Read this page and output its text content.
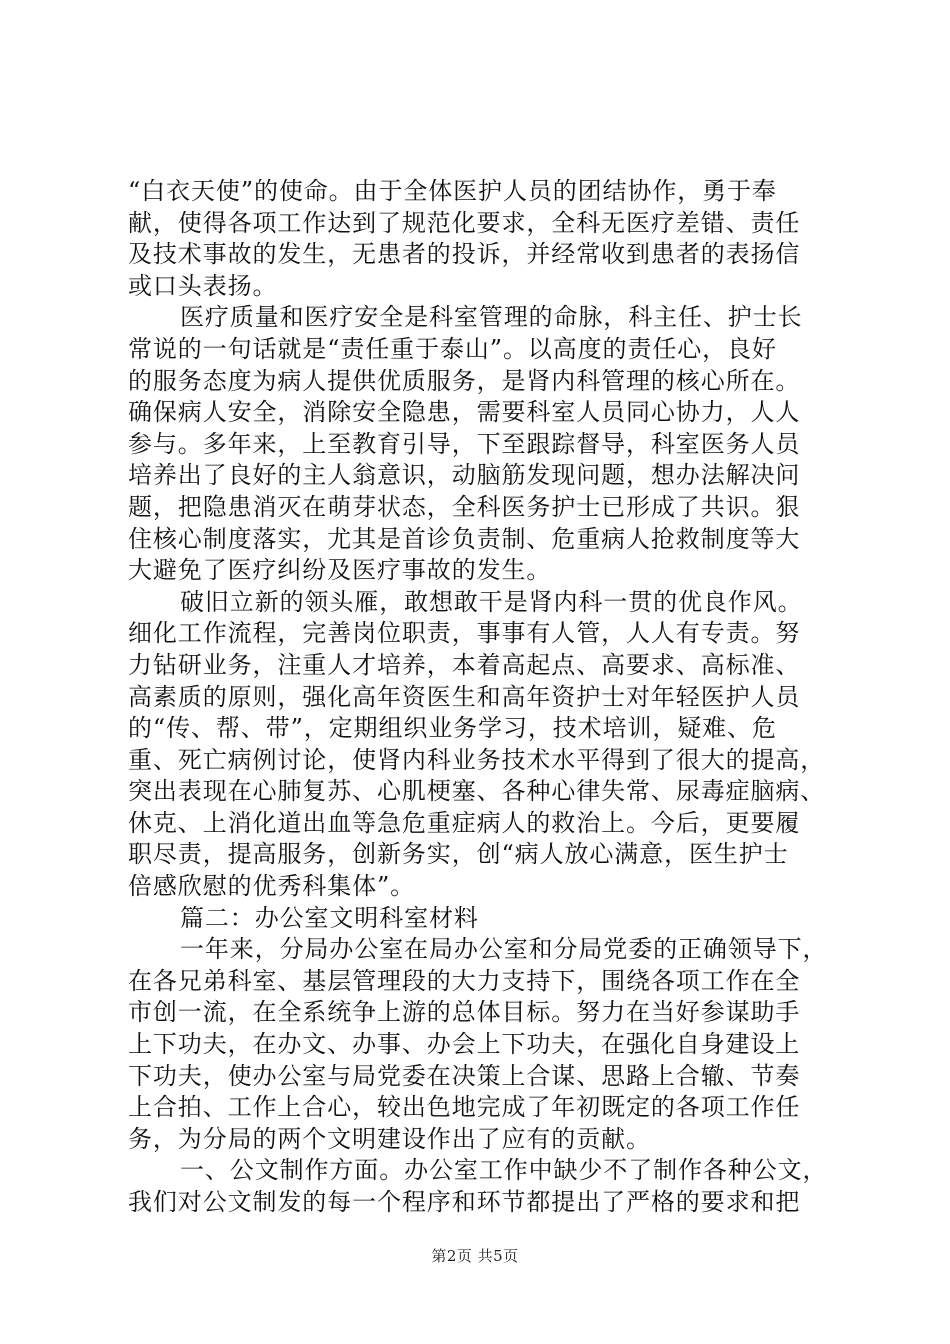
“白衣天使”的使命。由于全体医护人员的团结协作，勇于奉
献，使得各项工作达到了规范化要求，全科无医疗差错、责任
及技术事故的发生，无患者的投诉，并经常收到患者的表扬信
或口头表扬。
医疗质量和医疗安全是科室管理的命脉，科主任、护士长
常说的一句话就是“责任重于泰山”。以高度的责任心，良好
的服务态度为病人提供优质服务，是肾内科管理的核心所在。
确保病人安全，消除安全隐患，需要科室人员同心协力，人人
参与。多年来，上至教育引导，下至跟踪督导，科室医务人员
培养出了良好的主人翁意识，动脑筋发现问题，想办法解决问
题，把隐患消灭在萌芽状态，全科医务护士已形成了共识。狠
住核心制度落实，尤其是首诊负责制、危重病人抢救制度等大
大避免了医疗纠纷及医疗事故的发生。
破旧立新的领头雁，敢想敢干是肾内科一贯的优良作风。
细化工作流程，完善岗位职责，事事有人管，人人有专责。努
力钻研业务，注重人才培养，本着高起点、高要求、高标准、
高素质的原则，强化高年资医生和高年资护士对年轻医护人员
的“传、帮、带”，定期组织业务学习，技术培训，疑难、危
重、死亡病例讨论，使肾内科业务技术水平得到了很大的提高，
突出表现在心肺复苏、心肌梗塞、各种心律失常、尿毒症脑病、
休克、上消化道出血等急危重症病人的救治上。今后，更要履
职尽责，提高服务，创新务实，创“病人放心满意，医生护士
倍感欣慰的优秀科集体”。
篇二：办公室文明科室材料
一年来，分局办公室在局办公室和分局党委的正确领导下，
在各兄弟科室、基层管理段的大力支持下，围绕各项工作在全
市创一流，在全系统争上游的总体目标。努力在当好参谋助手
上下功夫，在办文、办事、办会上下功夫，在强化自身建设上
下功夫，使办公室与局党委在决策上合谋、思路上合辙、节奏
上合拍、工作上合心，较出色地完成了年初既定的各项工作任
务，为分局的两个文明建设作出了应有的贡献。
一、公文制作方面。办公室工作中缺少不了制作各种公文，
我们对公文制发的每一个程序和环节都提出了严格的要求和把
第2页 共5页
